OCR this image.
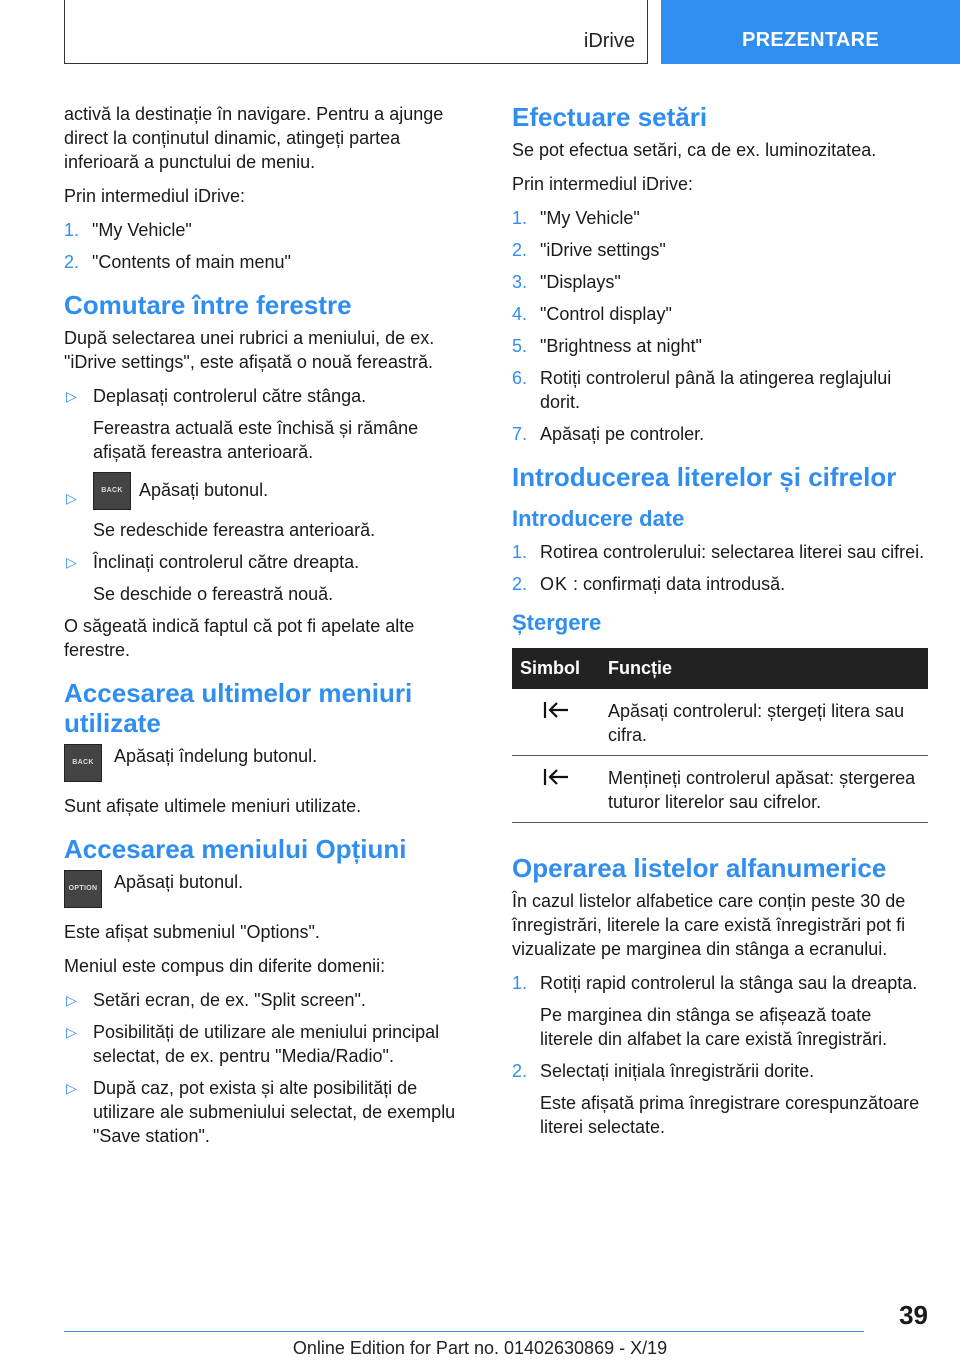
iDrive	PREZENTARE

activă la destinație în navigare. Pentru a ajunge direct la conținutul dinamic, atingeți partea inferioară a punctului de meniu.

Prin intermediul iDrive:

1. "My Vehicle"
2. "Contents of main menu"
Comutare între ferestre

După selectarea unei rubrici a meniului, de ex. "iDrive settings", este afișată o nouă fereastră.

▷ Deplasați controlerul către stânga.
Fereastra actuală este închisă și rămâne afișată fereastra anterioară.
▷	BACK Apăsați butonul.
Se redeschide fereastra anterioară.
▷ Înclinați controlerul către dreapta.
Se deschide o fereastră nouă.

O săgeată indică faptul că pot fi apelate alte ferestre.

Accesarea ultimelor meniuri utilizate
BACK	Apăsați îndelung butonul.

Sunt afișate ultimele meniuri utilizate.

Accesarea meniului Opțiuni
OPTION Apăsați butonul.

Este afișat submeniul "Options".

Meniul este compus din diferite domenii:

▷ Setări ecran, de ex. "Split screen".
▷ Posibilități de utilizare ale meniului principal selectat, de ex. pentru "Media/Radio".
▷ După caz, pot exista și alte posibilități de utilizare ale submeniului selectat, de exemplu "Save station".
Efectuare setări

Se pot efectua setări, ca de ex. luminozitatea.

Prin intermediul iDrive:

1. "My Vehicle"
2. "iDrive settings"
3. "Displays"
4. "Control display"
5. "Brightness at night"
6. Rotiți controlerul până la atingerea reglajului dorit.
7. Apăsați pe controler.
Introducerea literelor și cifrelor
Introducere date
1. Rotirea controlerului: selectarea literei sau cifrei.
2. OK : confirmați data introdusă.
Ștergere
Simbol	Funcție
	Apăsați controlerul: ștergeți litera sau cifra.
	Mențineți controlerul apăsat: ștergerea tuturor literelor sau cifrelor.
Operarea listelor alfanumerice

În cazul listelor alfabetice care conțin peste 30 de înregistrări, literele la care există înregistrări pot fi vizualizate pe marginea din stânga a ecranului.

1. Rotiți rapid controlerul la stânga sau la dreapta.
Pe marginea din stânga se afișează toate literele din alfabet la care există înregistrări.
2. Selectați inițiala înregistrării dorite.
Este afișată prima înregistrare corespunzătoare literei selectate.
39
Online Edition for Part no. 01402630869 - X/19
